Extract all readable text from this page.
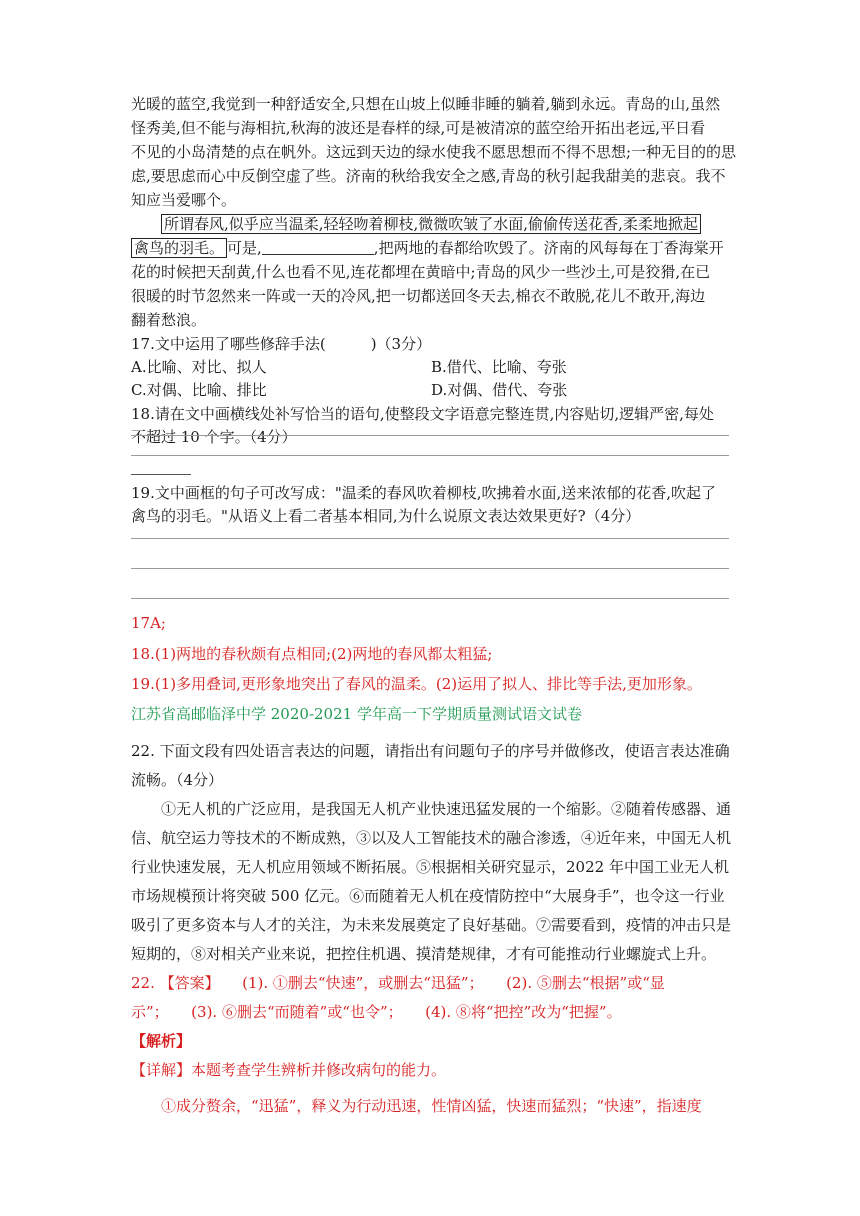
光暖的蓝空,我觉到一种舒适安全,只想在山坡上似睡非睡的躺着,躺到永远。青岛的山,虽然
怪秀美,但不能与海相抗,秋海的波还是春样的绿,可是被清凉的蓝空给开拓出老远,平日看
不见的小岛清楚的点在帆外。这远到天边的绿水使我不愿思想而不得不思想;一种无目的的思
虑,要思虑而心中反倒空虚了些。济南的秋给我安全之感,青岛的秋引起我甜美的悲哀。我不
知应当爱哪个。
所谓春风,似乎应当温柔,轻轻吻着柳枝,微微吹皱了水面,偷偷传送花香,柔柔地掀起
禽鸟的羽毛。 可是,	,把两地的春都给吹毁了。济南的风每每在丁香海棠开
花的时候把天刮黄,什么也看不见,连花都埋在黄暗中;青岛的风少一些沙土,可是狡猾,在已
很暖的时节忽然来一阵或一天的冷风,把一切都送回冬天去,棉衣不敢脱,花儿不敢开,海边
翻着愁浪。
17.文中运用了哪些修辞手法(　　　)（3分）
A.比喻、对比、拟人	B.借代、比喻、夸张
C.对偶、比喻、排比	D.对偶、借代、夸张
18.请在文中画横线处补写恰当的语句,使整段文字语意完整连贯,内容贴切,逻辑严密,每处
不超过 10 个字。（4分）
19.文中画框的句子可改写成："温柔的春风吹着柳枝,吹拂着水面,送来浓郁的花香,吹起了
禽鸟的羽毛。"从语义上看二者基本相同,为什么说原文表达效果更好?（4分）
17A;
18.(1)两地的春秋颇有点相同;(2)两地的春风都太粗猛;
19.(1)多用叠词,更形象地突出了春风的温柔。(2)运用了拟人、排比等手法,更加形象。
江苏省高邮临泽中学 2020-2021 学年高一下学期质量测试语文试卷
22. 下面文段有四处语言表达的问题，请指出有问题句子的序号并做修改，使语言表达准确
流畅。（4分）
①无人机的广泛应用，是我国无人机产业快速迅猛发展的一个缩影。②随着传感器、通
信、航空运力等技术的不断成熟，③以及人工智能技术的融合渗透，④近年来，中国无人机
行业快速发展，无人机应用领域不断拓展。⑤根据相关研究显示，2022 年中国工业无人机
市场规模预计将突破 500 亿元。⑥而随着无人机在疫情防控中“大展身手”，也令这一行业
吸引了更多资本与人才的关注，为未来发展奠定了良好基础。⑦需要看到，疫情的冲击只是
短期的，⑧对相关产业来说，把控住机遇、摸清楚规律，才有可能推动行业螺旋式上升。
22. 【答案】　　(1). ①删去“快速”，或删去“迅猛”；　　(2). ⑤删去“根据”或“显
示”；　　(3). ⑥删去“而随着”或“也令”；　　(4). ⑧将“把控”改为“把握”。
【解析】
【详解】本题考查学生辨析并修改病句的能力。
①成分赘余，“迅猛”，释义为行动迅速，性情凶猛，快速而猛烈；“快速”，指速度
